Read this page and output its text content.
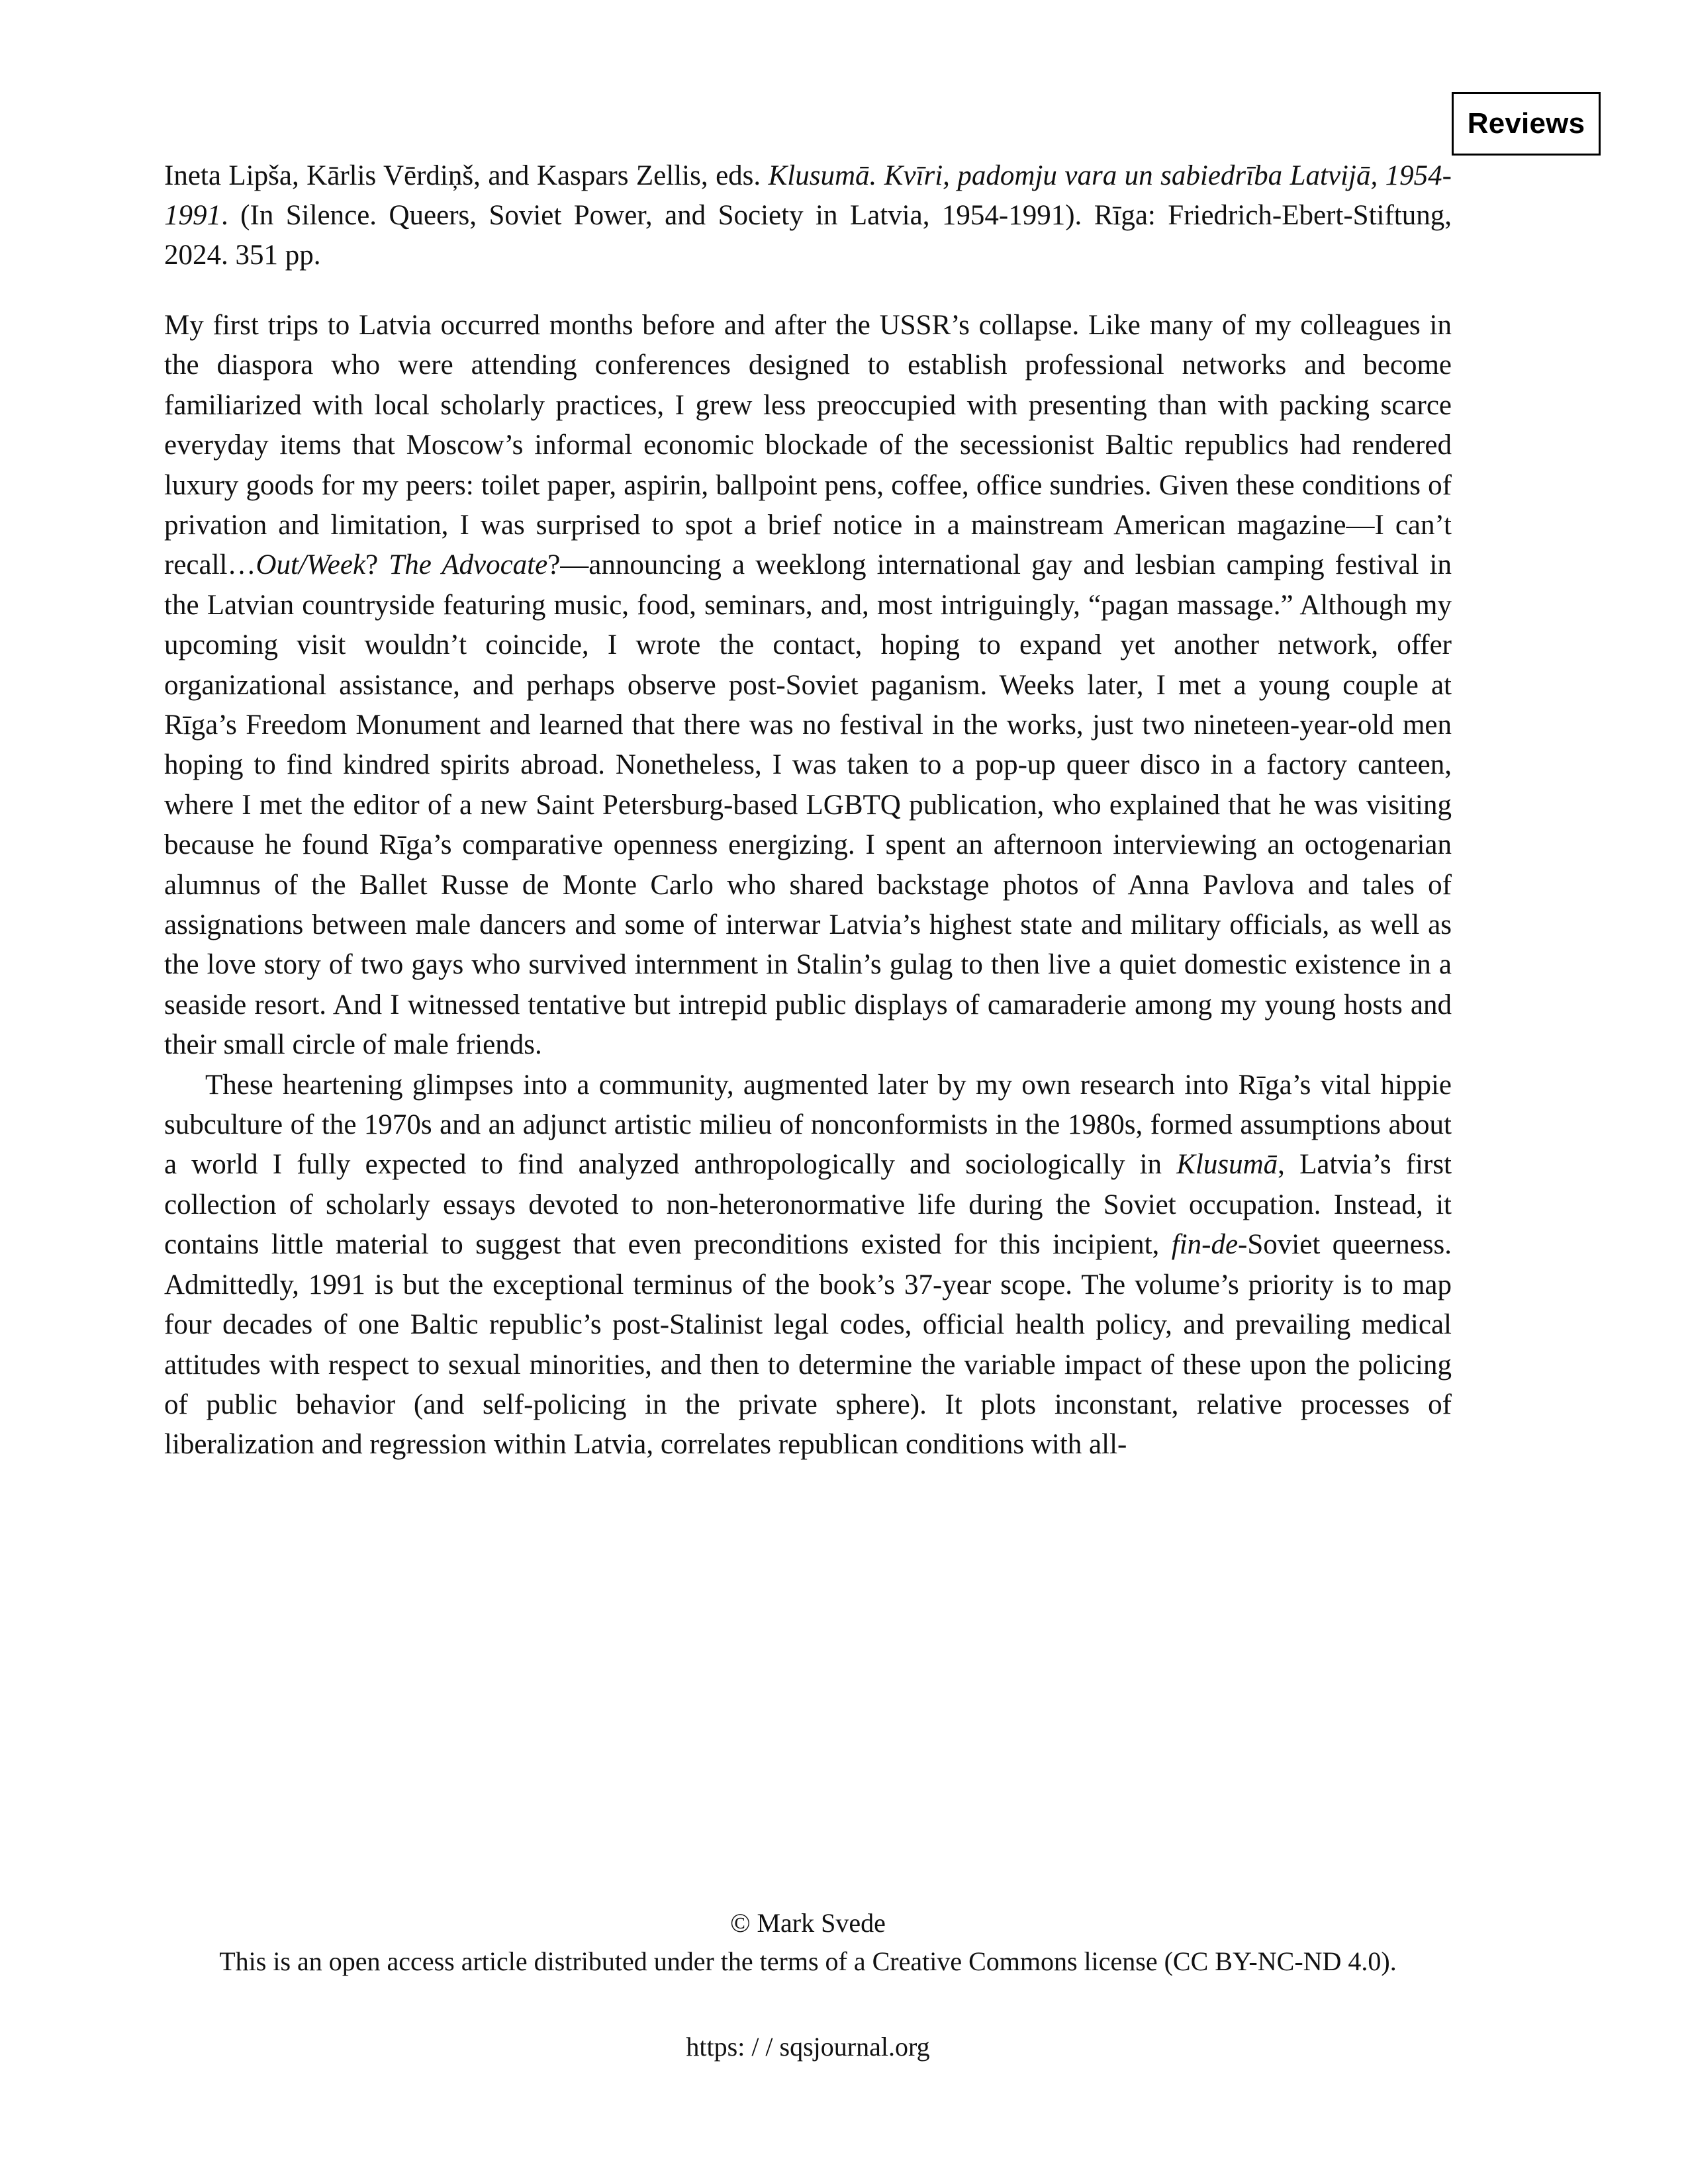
Reviews

Ineta Lipša, Kārlis Vērdiņš, and Kaspars Zellis, eds. Klusumā. Kvīri, padomju vara un sabiedrība Latvijā, 1954-1991. (In Silence. Queers, Soviet Power, and Society in Latvia, 1954-1991). Rīga: Friedrich-Ebert-Stiftung, 2024. 351 pp.

My first trips to Latvia occurred months before and after the USSR’s collapse. Like many of my colleagues in the diaspora who were attending conferences designed to establish professional networks and become familiarized with local scholarly practices, I grew less preoccupied with presenting than with packing scarce everyday items that Moscow’s informal economic blockade of the secessionist Baltic republics had rendered luxury goods for my peers: toilet paper, aspirin, ballpoint pens, coffee, office sundries. Given these conditions of privation and limitation, I was surprised to spot a brief notice in a mainstream American magazine—I can’t recall…Out/Week? The Advocate?—announcing a weeklong international gay and lesbian camping festival in the Latvian countryside featuring music, food, seminars, and, most intriguingly, “pagan massage.” Although my upcoming visit wouldn’t coincide, I wrote the contact, hoping to expand yet another network, offer organizational assistance, and perhaps observe post-Soviet paganism. Weeks later, I met a young couple at Rīga’s Freedom Monument and learned that there was no festival in the works, just two nineteen-year-old men hoping to find kindred spirits abroad. Nonetheless, I was taken to a pop-up queer disco in a factory canteen, where I met the editor of a new Saint Petersburg-based LGBTQ publication, who explained that he was visiting because he found Rīga’s comparative openness energizing. I spent an afternoon interviewing an octogenarian alumnus of the Ballet Russe de Monte Carlo who shared backstage photos of Anna Pavlova and tales of assignations between male dancers and some of interwar Latvia’s highest state and military officials, as well as the love story of two gays who survived internment in Stalin’s gulag to then live a quiet domestic existence in a seaside resort. And I witnessed tentative but intrepid public displays of camaraderie among my young hosts and their small circle of male friends.

These heartening glimpses into a community, augmented later by my own research into Rīga’s vital hippie subculture of the 1970s and an adjunct artistic milieu of nonconformists in the 1980s, formed assumptions about a world I fully expected to find analyzed anthropologically and sociologically in Klusumā, Latvia’s first collection of scholarly essays devoted to non-heteronormative life during the Soviet occupation. Instead, it contains little material to suggest that even preconditions existed for this incipient, fin-de-Soviet queerness. Admittedly, 1991 is but the exceptional terminus of the book’s 37-year scope. The volume’s priority is to map four decades of one Baltic republic’s post-Stalinist legal codes, official health policy, and prevailing medical attitudes with respect to sexual minorities, and then to determine the variable impact of these upon the policing of public behavior (and self-policing in the private sphere). It plots inconstant, relative processes of liberalization and regression within Latvia, correlates republican conditions with all-

© Mark Svede
This is an open access article distributed under the terms of a Creative Commons license (CC BY-NC-ND 4.0).
https: / / sqsjournal.org
